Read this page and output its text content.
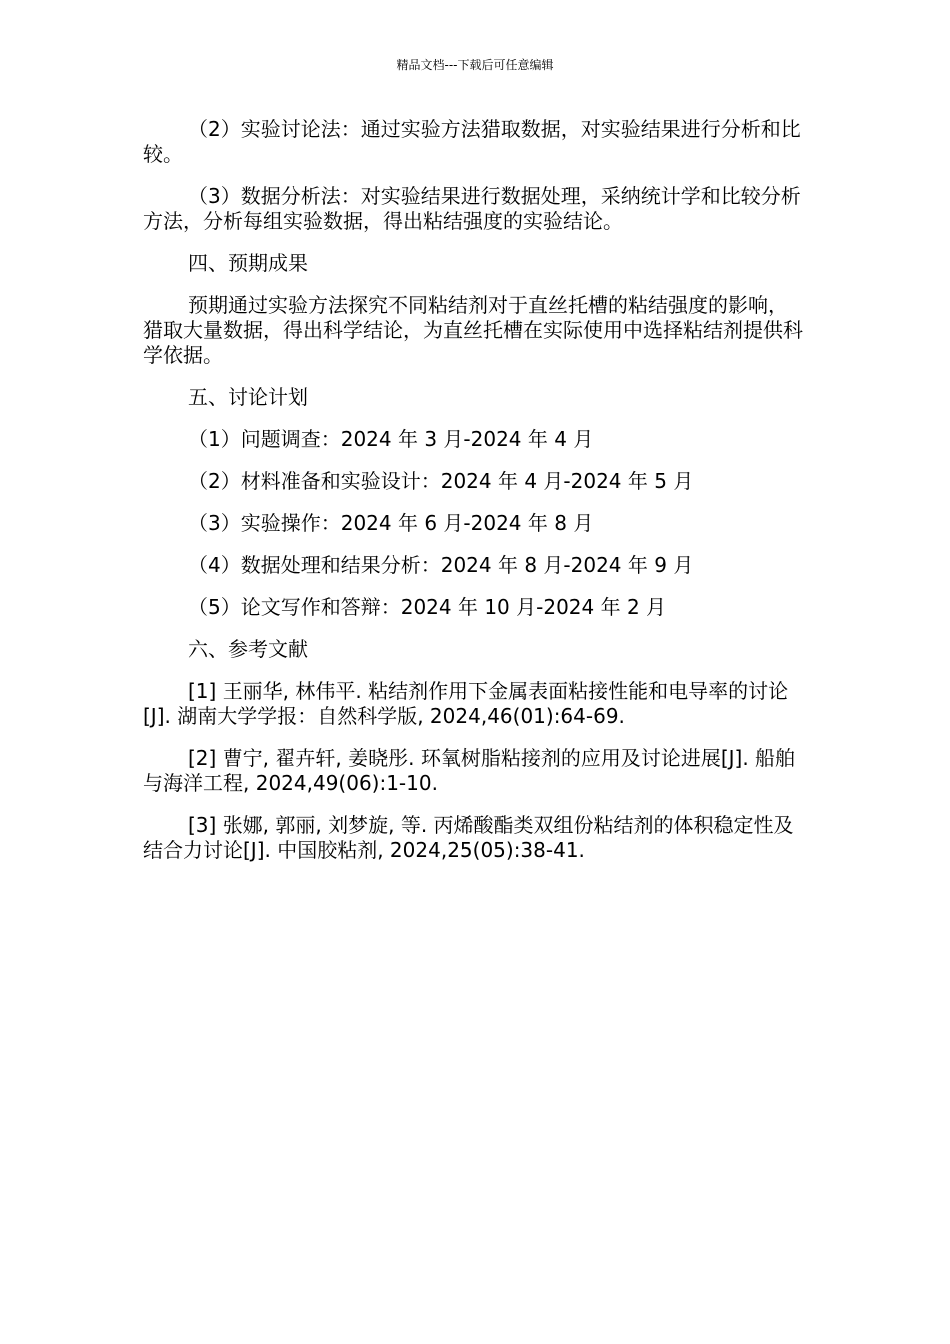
精品文档---下载后可任意编辑

（2）实验讨论法：通过实验方法猎取数据，对实验结果进行分析和比较。

（3）数据分析法：对实验结果进行数据处理，采纳统计学和比较分析方法，分析每组实验数据，得出粘结强度的实验结论。

四、预期成果

预期通过实验方法探究不同粘结剂对于直丝托槽的粘结强度的影响，猎取大量数据，得出科学结论，为直丝托槽在实际使用中选择粘结剂提供科学依据。

五、讨论计划

（1）问题调查：2024 年 3 月-2024 年 4 月

（2）材料准备和实验设计：2024 年 4 月-2024 年 5 月

（3）实验操作：2024 年 6 月-2024 年 8 月

（4）数据处理和结果分析：2024 年 8 月-2024 年 9 月

（5）论文写作和答辩：2024 年 10 月-2024 年 2 月

六、参考文献

[1] 王丽华, 林伟平. 粘结剂作用下金属表面粘接性能和电导率的讨论[J]. 湖南大学学报：自然科学版, 2024,46(01):64-69.

[2] 曹宁, 翟卉轩, 姜晓彤. 环氧树脂粘接剂的应用及讨论进展[J]. 船舶与海洋工程, 2024,49(06):1-10.

[3] 张娜, 郭丽, 刘梦旋, 等. 丙烯酸酯类双组份粘结剂的体积稳定性及结合力讨论[J]. 中国胶粘剂, 2024,25(05):38-41.
